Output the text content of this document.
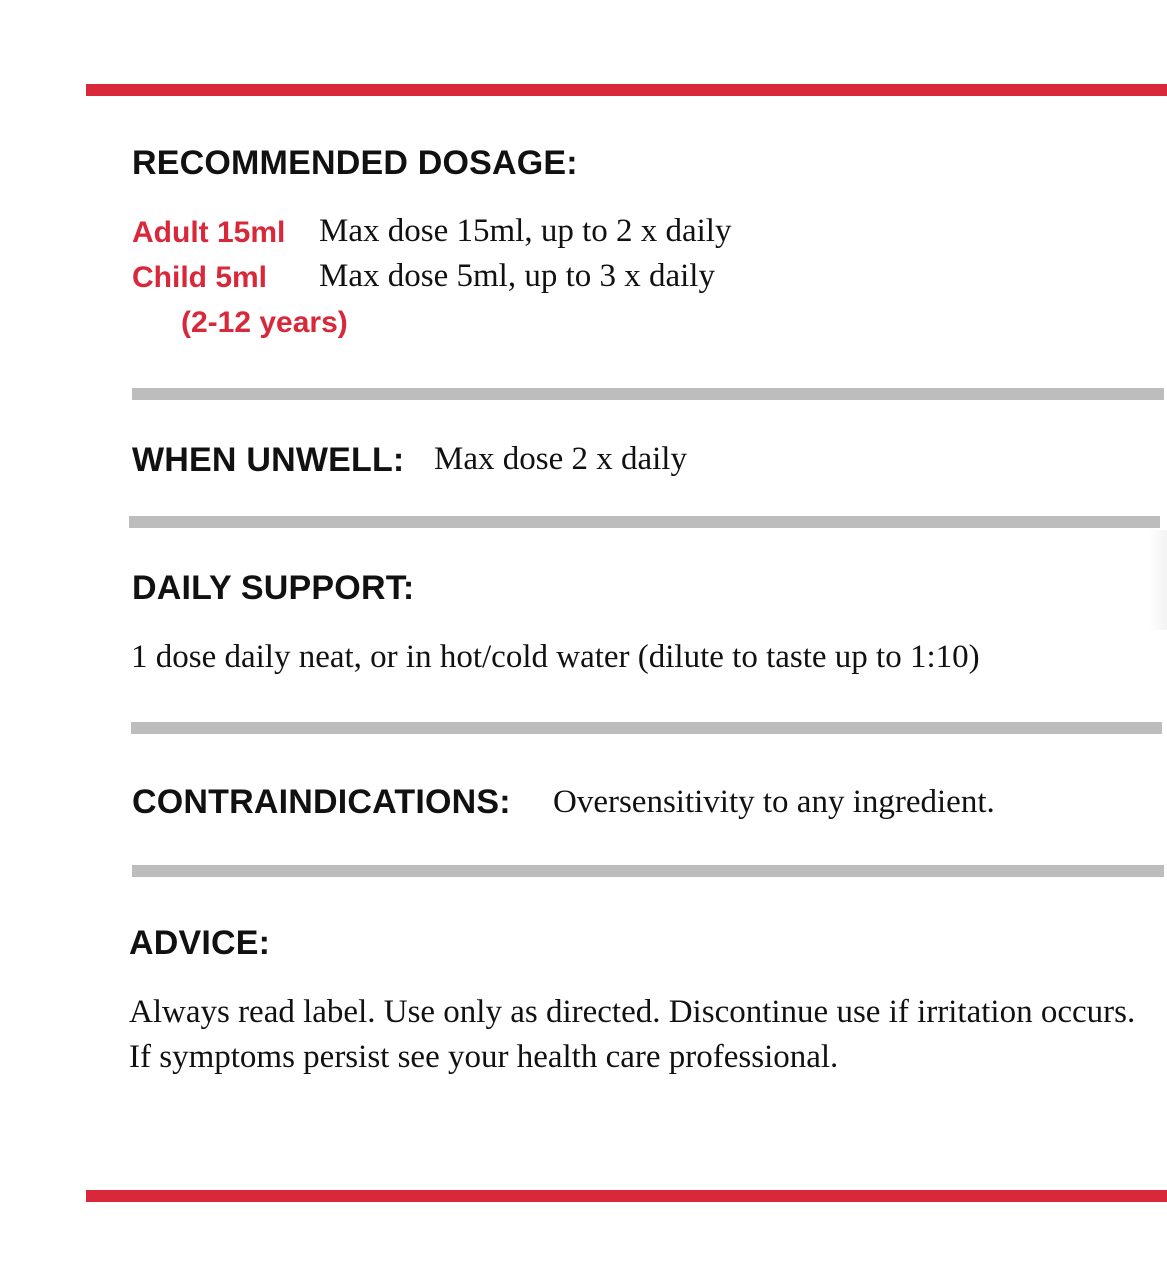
RECOMMENDED DOSAGE:
Adult 15ml Max dose 15ml, up to 2 x daily
Child 5ml Max dose 5ml, up to 3 x daily
(2-12 years)
WHEN UNWELL: Max dose 2 x daily
DAILY SUPPORT:
1 dose daily neat, or in hot/cold water (dilute to taste up to 1:10)
CONTRAINDICATIONS: Oversensitivity to any ingredient.
ADVICE:
Always read label. Use only as directed. Discontinue use if irritation occurs. If symptoms persist see your health care professional.
